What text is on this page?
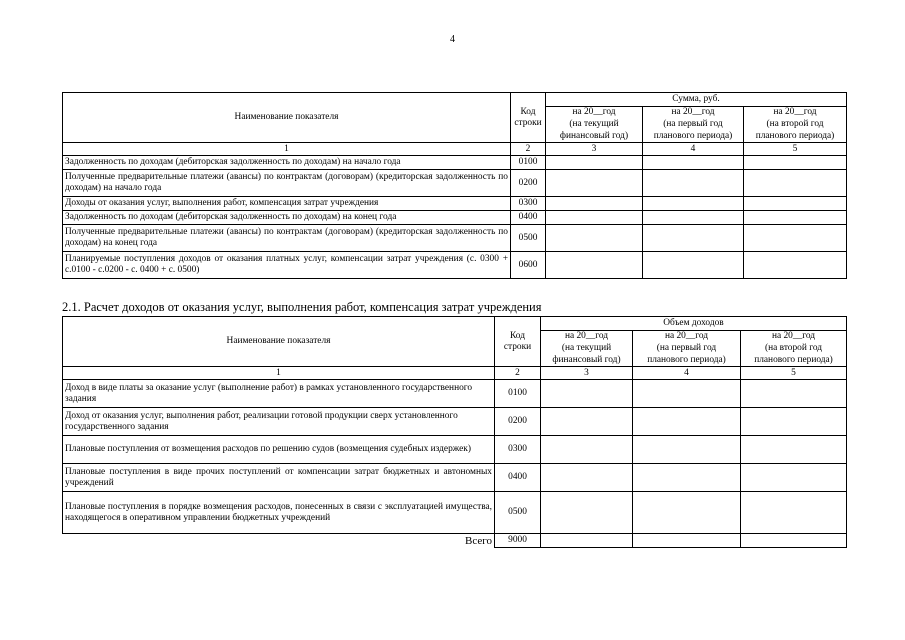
4
Наименование показателя	Код строки	Сумма, руб.		
		на 20__год	на 20__год	на 20__год
		(на текущий	(на первый год	(на второй год
		финансовый год)	планового периода)	планового периода)
1	2	3	4	5
Задолженность по доходам (дебиторская задолженность по доходам) на начало года	0100			
Полученные предварительные платежи (авансы) по контрактам (договорам) (кредиторская задолженность по доходам) на начало года	0200			
Доходы от оказания услуг, выполнения работ, компенсация затрат учреждения	0300			
Задолженность по доходам (дебиторская задолженность по доходам) на конец года	0400			
Полученные предварительные платежи (авансы) по контрактам (договорам) (кредиторская задолженность по доходам) на конец года	0500			
Планируемые поступления доходов от оказания платных услуг, компенсации затрат учреждения (с. 0300 + с.0100 - с.0200 - с. 0400 + с. 0500)	0600			
2.1. Расчет доходов от оказания услуг, выполнения работ, компенсация затрат учреждения
Наименование показателя	Код строки	Объем доходов		
		на 20__год	на 20__год	на 20__год
		(на текущий	(на первый год	(на второй год
		финансовый год)	планового периода)	планового периода)
1	2	3	4	5
Доход в виде платы за оказание услуг (выполнение работ) в рамках установленного государственного задания	0100			
Доход от оказания услуг, выполнения работ, реализации готовой продукции сверх установленного государственного задания	0200			
Плановые поступления от возмещения расходов по решению судов (возмещения судебных издержек)	0300			
Плановые поступления в виде прочих поступлений от компенсации затрат бюджетных и автономных учреждений	0400			
Плановые поступления в порядке возмещения расходов, понесенных в связи с эксплуатацией имущества, находящегося в оперативном управлении бюджетных учреждений	0500			
Всего	9000			
